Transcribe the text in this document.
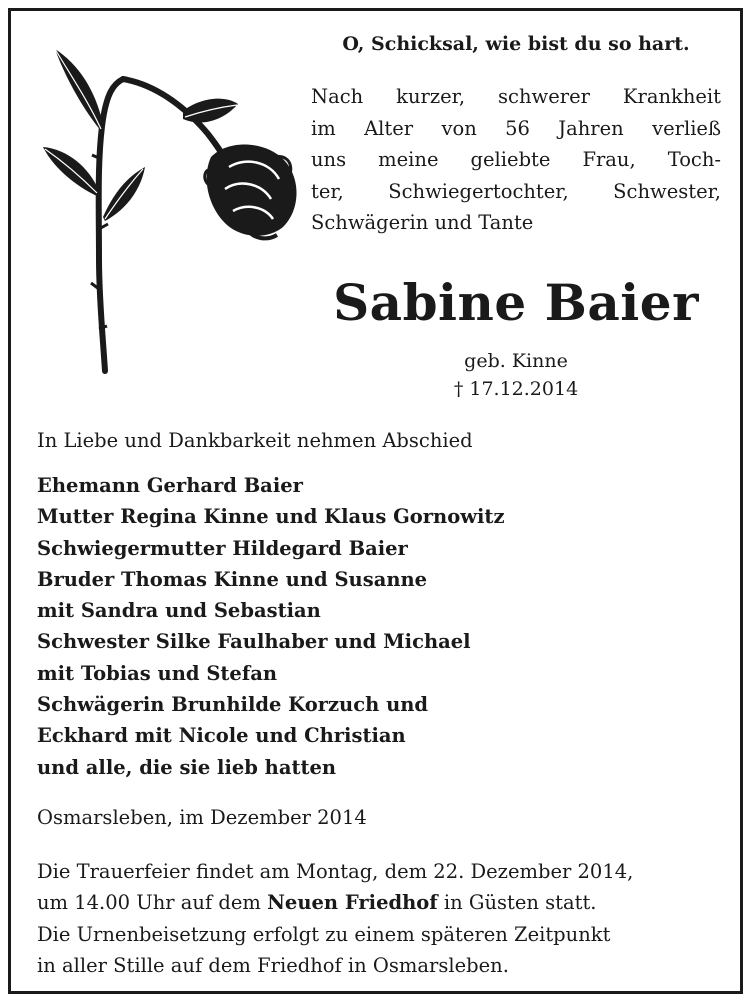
O, Schicksal, wie bist du so hart.
Nach kurzer, schwerer Krankheit
im Alter von 56 Jahren verließ
uns meine geliebte Frau, Toch-
ter, Schwiegertochter, Schwester,
Schwägerin und Tante
Sabine Baier
geb. Kinne
† 17.12.2014
In Liebe und Dankbarkeit nehmen Abschied
Ehemann Gerhard Baier
Mutter Regina Kinne und Klaus Gornowitz
Schwiegermutter Hildegard Baier
Bruder Thomas Kinne und Susanne
mit Sandra und Sebastian
Schwester Silke Faulhaber und Michael
mit Tobias und Stefan
Schwägerin Brunhilde Korzuch und
Eckhard mit Nicole und Christian
und alle, die sie lieb hatten
Osmarsleben, im Dezember 2014
Die Trauerfeier findet am Montag, dem 22. Dezember 2014,
um 14.00 Uhr auf dem Neuen Friedhof in Güsten statt.
Die Urnenbeisetzung erfolgt zu einem späteren Zeitpunkt
in aller Stille auf dem Friedhof in Osmarsleben.
